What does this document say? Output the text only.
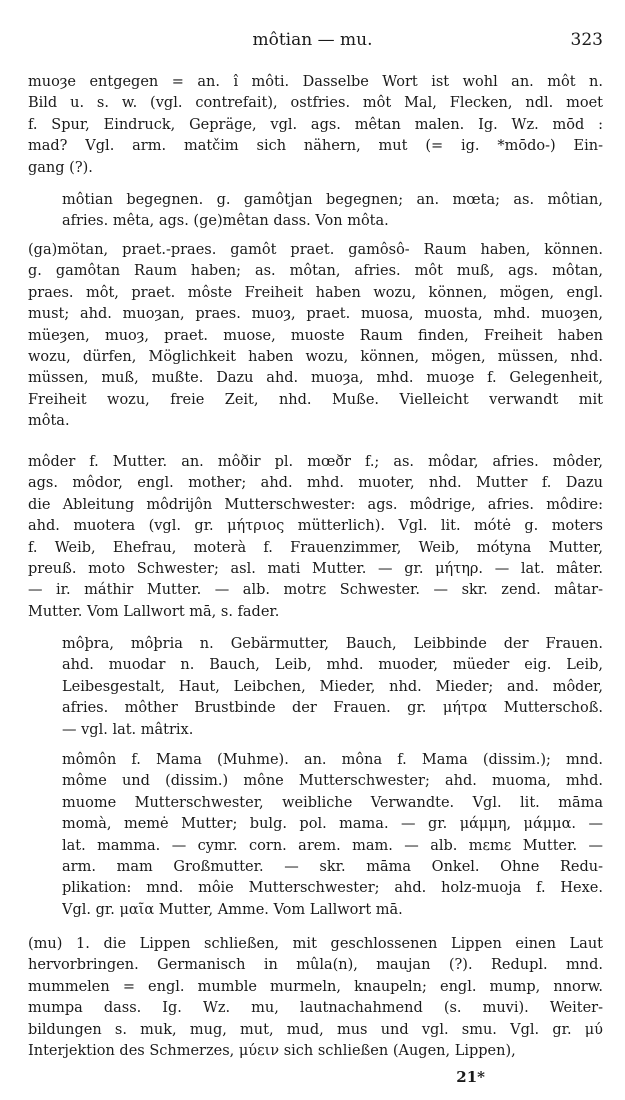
môtian — mu.	323
muoȝe entgegen = an. î môti. Dasselbe Wort ist wohl an. môt n.
Bild u. s. w. (vgl. contrefait), ostfries. môt Mal, Flecken, ndl. moet
f. Spur, Eindruck, Gepräge, vgl. ags. mêtan malen. Ig. Wz. mōd :
mad? Vgl. arm. matčim sich nähern, mut (= ig. *mōdo-) Ein-
gang (?).
môtian begegnen. g. gamôtjan begegnen; an. mœta; as. môtian,
afries. mêta, ags. (ge)mêtan dass. Von môta.
(ga)mötan, praet.-praes. gamôt praet. gamôsô- Raum haben, können.
g. gamôtan Raum haben; as. môtan, afries. môt muß, ags. môtan,
praes. môt, praet. môste Freiheit haben wozu, können, mögen, engl.
must; ahd. muoȝan, praes. muoȝ, praet. muosa, muosta, mhd. muoȝen,
müeȝen, muoȝ, praet. muose, muoste Raum finden, Freiheit haben
wozu, dürfen, Möglichkeit haben wozu, können, mögen, müssen, nhd.
müssen, muß, mußte. Dazu ahd. muoȝa, mhd. muoȝe f. Gelegenheit,
Freiheit wozu, freie Zeit, nhd. Muße. Vielleicht verwandt mit
môta.
môder f. Mutter. an. môðir pl. mœðr f.; as. môdar, afries. môder,
ags. môdor, engl. mother; ahd. mhd. muoter, nhd. Mutter f. Dazu
die Ableitung môdrijôn Mutterschwester: ags. môdrige, afries. môdire:
ahd. muotera (vgl. gr. μήτριος mütterlich). Vgl. lit. mótė g. moters
f. Weib, Ehefrau, moterà f. Frauenzimmer, Weib, mótyna Mutter,
preuß. moto Schwester; asl. mati Mutter. — gr. μήτηρ. — lat. mâter.
— ir. máthir Mutter. — alb. motrε Schwester. — skr. zend. mâtar-
Mutter. Vom Lallwort mā, s. fader.
môþra, môþria n. Gebärmutter, Bauch, Leibbinde der Frauen.
ahd. muodar n. Bauch, Leib, mhd. muoder, müeder eig. Leib,
Leibesgestalt, Haut, Leibchen, Mieder, nhd. Mieder; and. môder,
afries. môther Brustbinde der Frauen. gr. μήτρα Mutterschoß.
— vgl. lat. mâtrix.
mômôn f. Mama (Muhme). an. môna f. Mama (dissim.); mnd.
môme und (dissim.) mône Mutterschwester; ahd. muoma, mhd.
muome Mutterschwester, weibliche Verwandte. Vgl. lit. māma
momà, memė Mutter; bulg. pol. mama. — gr. μάμμη, μάμμα. —
lat. mamma. — cymr. corn. arem. mam. — alb. mεmε Mutter. —
arm. mam Großmutter. — skr. māma Onkel. Ohne Redu-
plikation: mnd. môie Mutterschwester; ahd. holz-muoja f. Hexe.
Vgl. gr. μαῖα Mutter, Amme. Vom Lallwort mā.
(mu) 1. die Lippen schließen, mit geschlossenen Lippen einen Laut
hervorbringen. Germanisch in mûla(n), maujan (?). Redupl. mnd.
mummelen = engl. mumble murmeln, knaupeln; engl. mump, nnorw.
mumpa dass. Ig. Wz. mu, lautnachahmend (s. muvi). Weiter-
bildungen s. muk, mug, mut, mud, mus und vgl. smu. Vgl. gr. μύ
Interjektion des Schmerzes, μύειν sich schließen (Augen, Lippen),
21*
